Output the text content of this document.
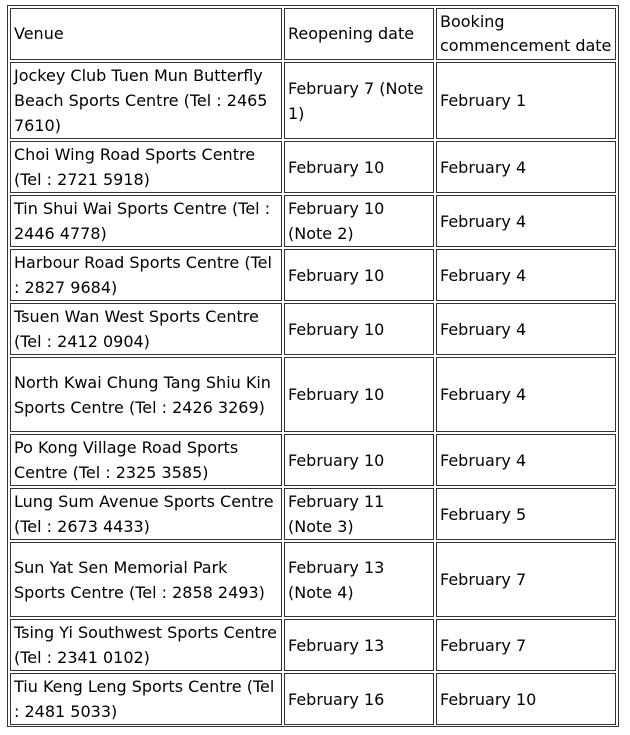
Venue	Reopening date	Booking commencement date
Jockey Club Tuen Mun Butterfly Beach Sports Centre (Tel : 2465 7610)	February 7 (Note 1)	February 1
Choi Wing Road Sports Centre (Tel : 2721 5918)	February 10	February 4
Tin Shui Wai Sports Centre (Tel : 2446 4778)	February 10 (Note 2)	February 4
Harbour Road Sports Centre (Tel : 2827 9684)	February 10	February 4
Tsuen Wan West Sports Centre (Tel : 2412 0904)	February 10	February 4
North Kwai Chung Tang Shiu Kin Sports Centre (Tel : 2426 3269)	February 10	February 4
Po Kong Village Road Sports Centre (Tel : 2325 3585)	February 10	February 4
Lung Sum Avenue Sports Centre (Tel : 2673 4433)	February 11 (Note 3)	February 5
Sun Yat Sen Memorial Park Sports Centre (Tel : 2858 2493)	February 13 (Note 4)	February 7
Tsing Yi Southwest Sports Centre (Tel : 2341 0102)	February 13	February 7
Tiu Keng Leng Sports Centre (Tel : 2481 5033)	February 16	February 10
